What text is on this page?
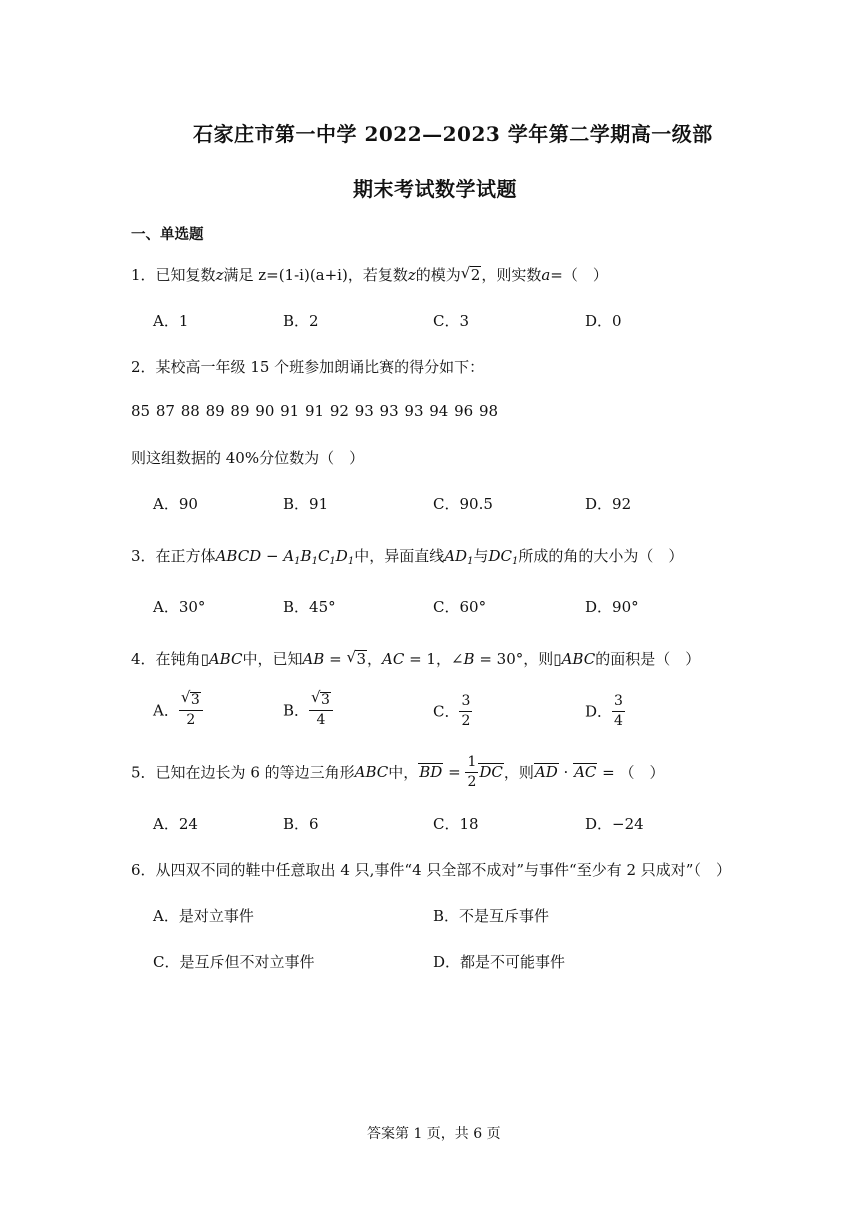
石家庄市第一中学 2022—2023 学年第二学期高一级部
期末考试数学试题
一、单选题
1．已知复数z满足 z=(1-i)(a+i)，若复数z的模为 √ 2，则实数a=（　）
A．1	B．2	C．3	D．0
2．某校高一年级 15 个班参加朗诵比赛的得分如下：
85 87 88 89 89 90 91 91 92 93 93 93 94 96 98
则这组数据的 40%分位数为（　）
A．90	B．91	C．90.5	D．92
3．在正方体ABCD − $A_1B_1C_1D_1$中，异面直线$AD_1$与$DC_1$所成的角的大小为（　）
A．30°	B．45°	C．60°	D．90°
4．在钝角▯ABC中，已知AB = √ 3，AC = 1，∠B = 30°，则▯ABC的面积是（　）
A． $\frac{√ 3}{2}$	B． $\frac{√ 3}{4}$	C． $\frac{3}{2}$	D． $\frac{3}{4}$
5．已知在边长为 6 的等边三角形ABC中，BD = $\frac{1}{2}$ DC，则AD · AC = （　）
A．24	B．6	C．18	D．−24
6．从四双不同的鞋中任意取出 4 只,事件“4 只全部不成对”与事件“至少有 2 只成对”（　）
A．是对立事件	B．不是互斥事件
C．是互斥但不对立事件	D．都是不可能事件
答案第 1 页，共 6 页
